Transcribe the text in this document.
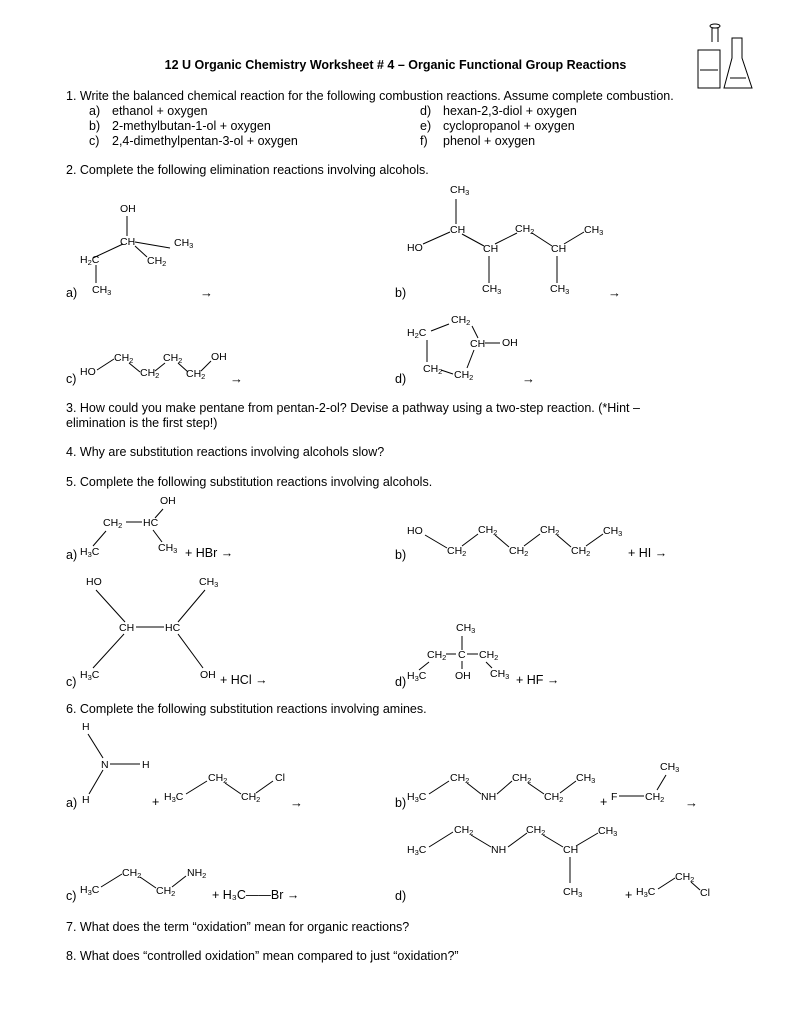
12 U Organic Chemistry Worksheet # 4 – Organic Functional Group Reactions
1. Write the balanced chemical reaction for the following combustion reactions. Assume complete combustion.
a) ethanol + oxygen
b) 2-methylbutan-1-ol + oxygen
c) 2,4-dimethylpentan-3-ol + oxygen
d) hexan-2,3-diol + oxygen
e) cyclopropanol + oxygen
f) phenol + oxygen
2. Complete the following elimination reactions involving alcohols.
a)	→	b)	→
c)	→	d)	→
3. How could you make pentane from pentan-2-ol? Devise a pathway using a two-step reaction. (*Hint –
elimination is the first step!)
4. Why are substitution reactions involving alcohols slow?
5. Complete the following substitution reactions involving alcohols.
a)	+ HBr →	b)	+ HI →
c)	+ HCl →	d)	+ HF →
6. Complete the following substitution reactions involving amines.
a)	+	→	b)	+	→
c)	+ H₃C——Br →	d)	+
7. What does the term “oxidation” mean for organic reactions?
8. What does “controlled oxidation” mean compared to just “oxidation?”
OH
CH	CH3
H2C	CH2
CH3
CH3
CH
HO	CH
CH2
CH
CH3
CH3	CH3
HO
CH2
CH2
CH2
CH2
OH
CH2
H2C
CH OH
CH2 CH2
OH
CH2 HC
H3C	CH3
HO
CH2
CH2
CH2
CH2
CH2
CH3
HO	CH3
CH	HC
H3C	OH
CH3
CH2 C CH2
H3C	OH CH3
H
N	H
H	H3C
CH2
CH2
Cl
H3C
CH2
NH
CH2
CH2
CH3
F	CH2
CH3
H3C
CH2
CH2
NH2
H3C
CH2
NH
CH2
CH
CH3
CH3	H3C
CH2
Cl
